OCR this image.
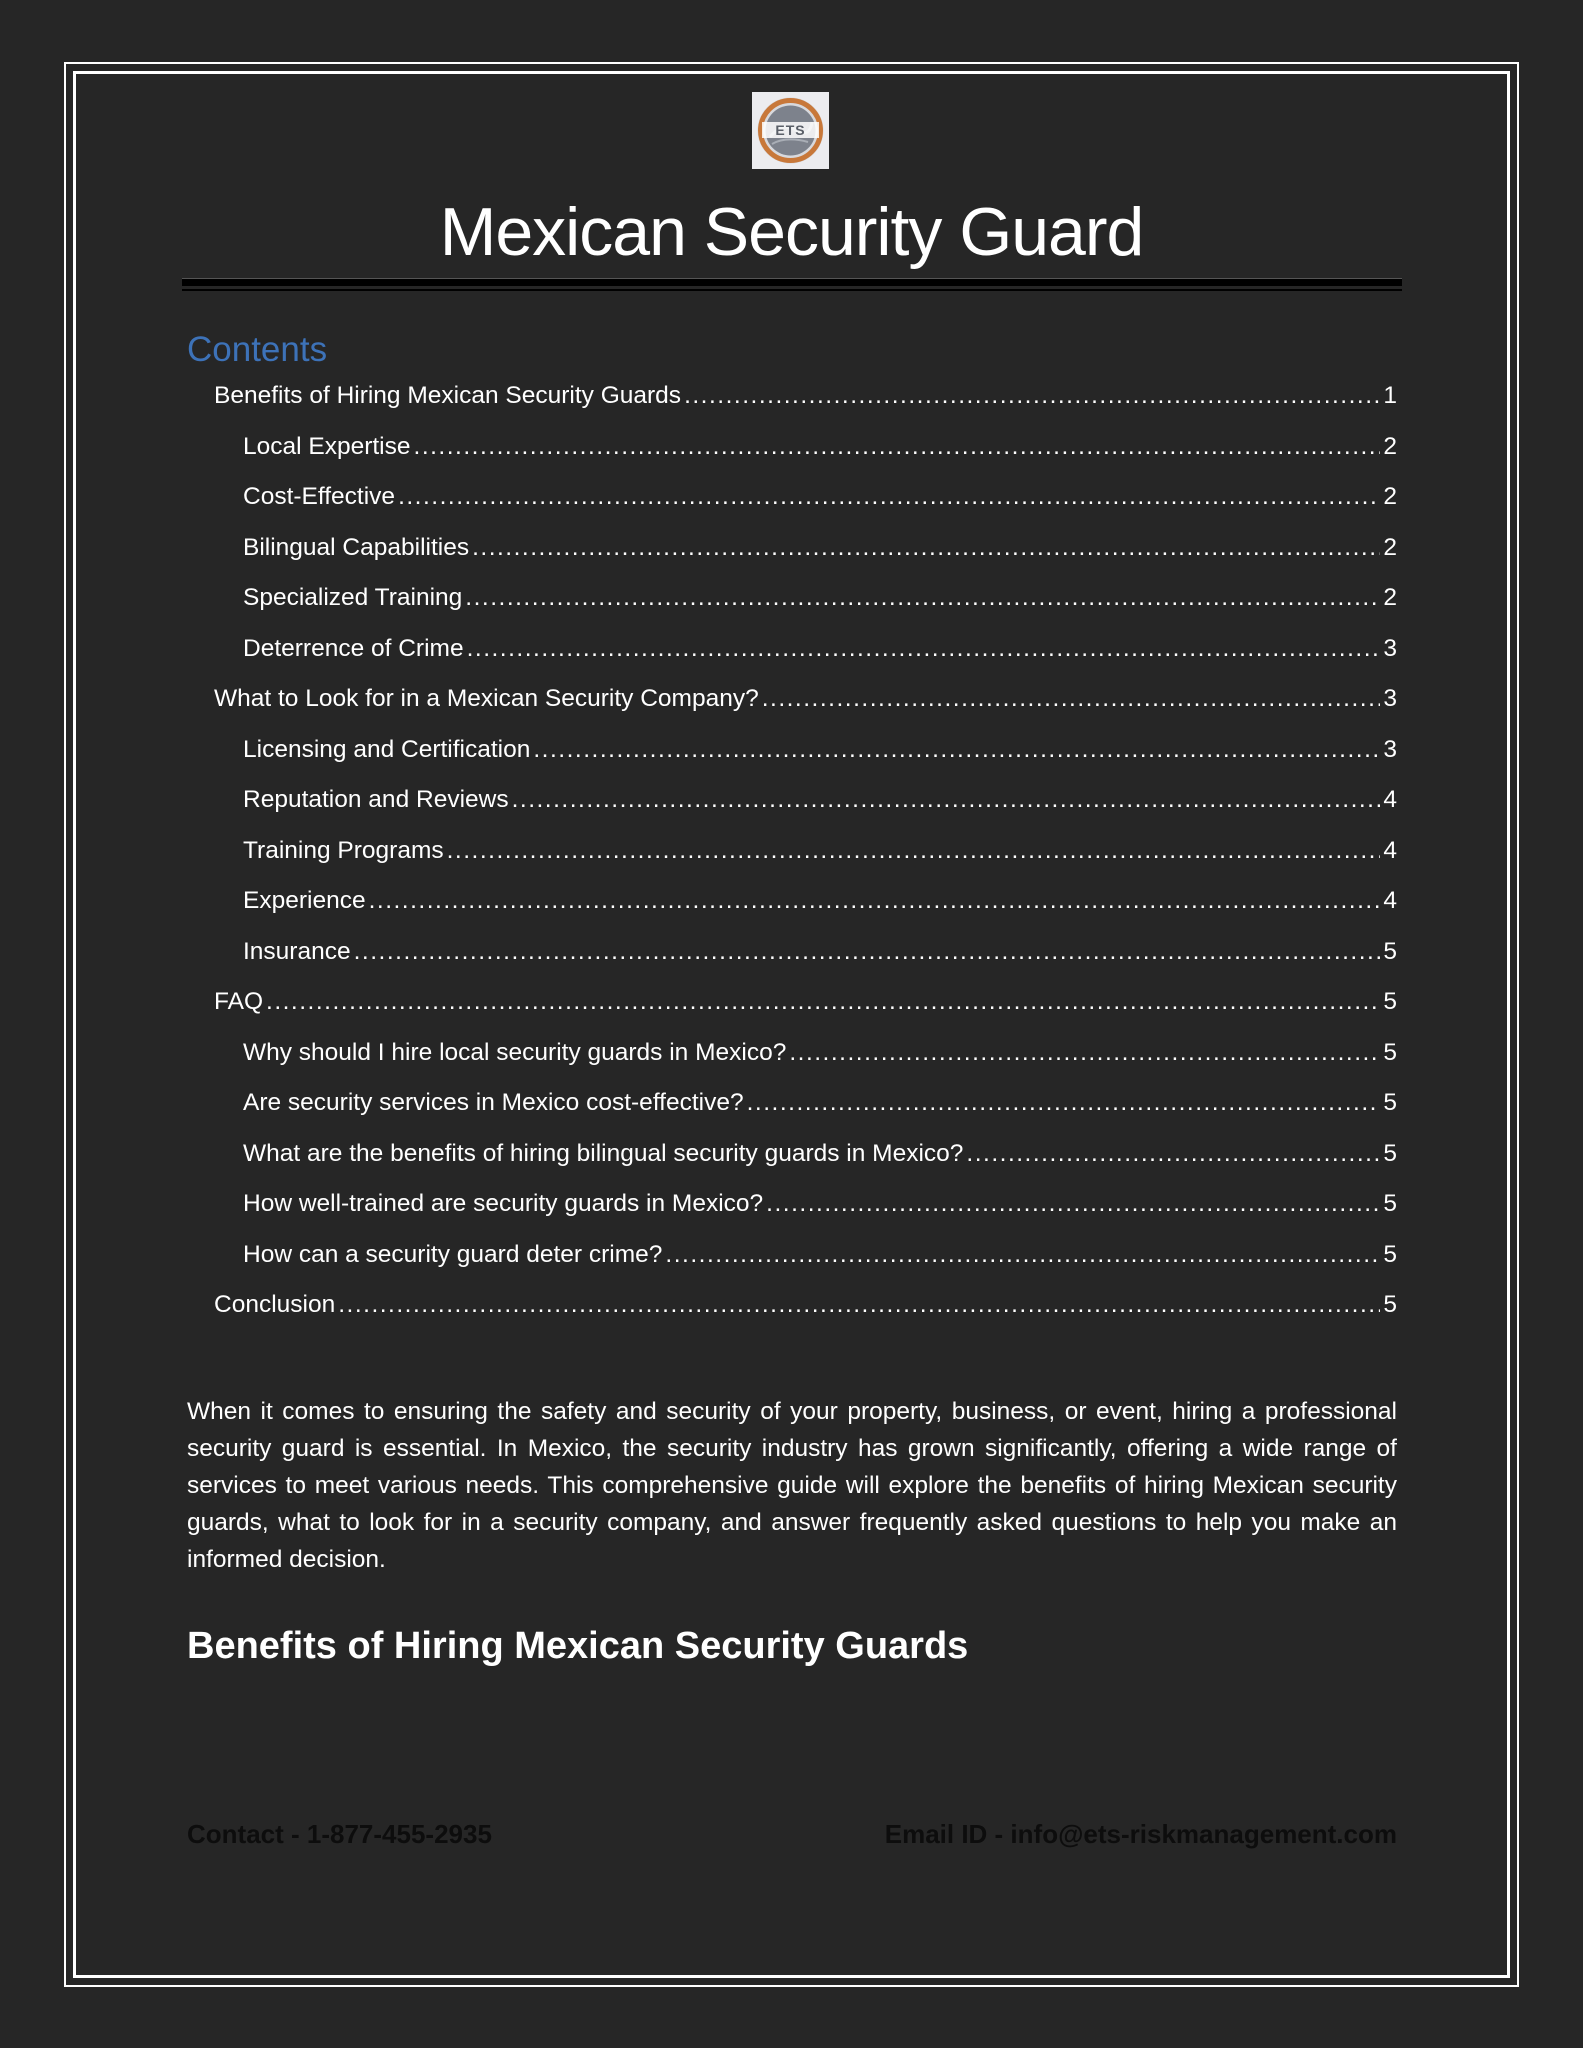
ETS
Mexican Security Guard
Contents
Benefits of Hiring Mexican Security Guards .....	1
Local Expertise .....	2
Cost-Effective .....	2
Bilingual Capabilities .....	2
Specialized Training .....	2
Deterrence of Crime .....	3
What to Look for in a Mexican Security Company? .....	3
Licensing and Certification .....	3
Reputation and Reviews .....	4
Training Programs .....	4
Experience .....	4
Insurance .....	5
FAQ .....	5
Why should I hire local security guards in Mexico? .....	5
Are security services in Mexico cost-effective? .....	5
What are the benefits of hiring bilingual security guards in Mexico? .....	5
How well-trained are security guards in Mexico? .....	5
How can a security guard deter crime? .....	5
Conclusion .....	5

When it comes to ensuring the safety and security of your property, business, or event, hiring a professional security guard is essential. In Mexico, the security industry has grown significantly, offering a wide range of services to meet various needs. This comprehensive guide will explore the benefits of hiring Mexican security guards, what to look for in a security company, and answer frequently asked questions to help you make an informed decision.

Benefits of Hiring Mexican Security Guards
Contact - 1-877-455-2935	Email ID - info@ets-riskmanagement.com
